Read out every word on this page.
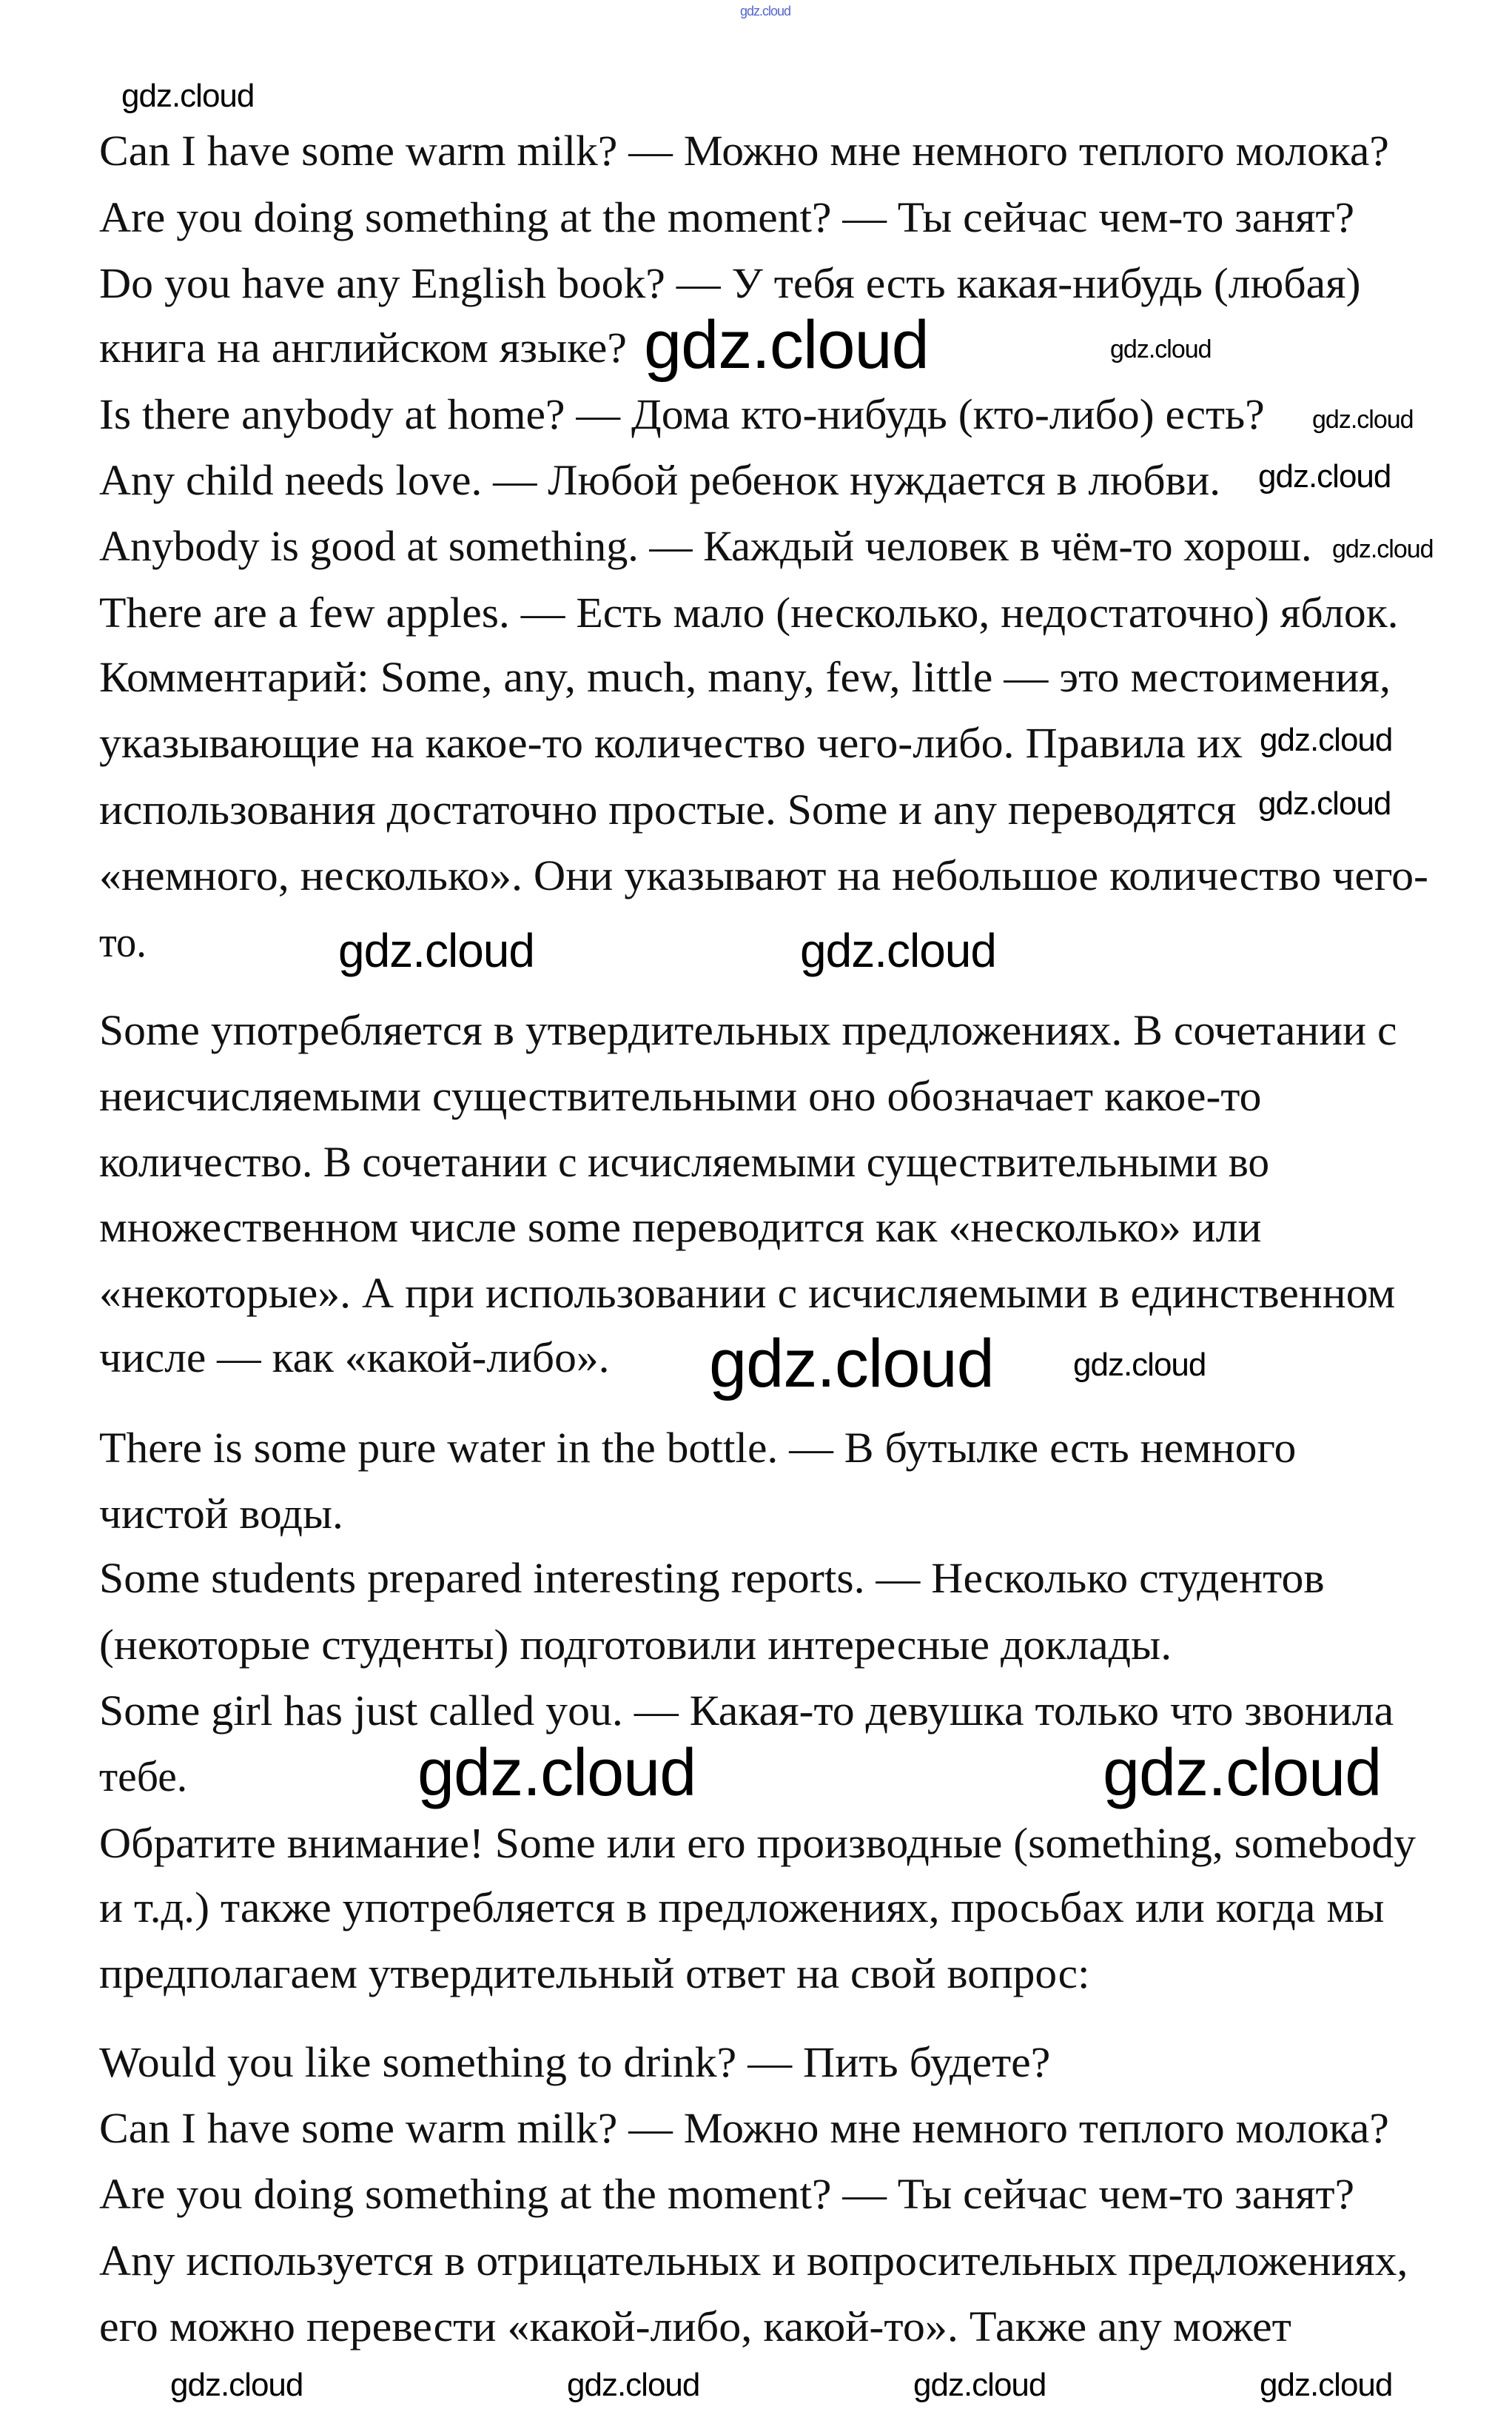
Can I have some warm milk? — Можно мне немного теплого молока?
Are you doing something at the moment? — Ты сейчас чем-то занят?
Do you have any English book? — У тебя есть какая-нибудь (любая)
книга на английском языке?
Is there anybody at home? — Дома кто-нибудь (кто-либо) есть?
Any child needs love. — Любой ребенок нуждается в любви.
Anybody is good at something. — Каждый человек в чём-то хорош.
There are a few apples. — Есть мало (несколько, недостаточно) яблок.
Комментарий: Some, any, much, many, few, little — это местоимения,
указывающие на какое-то количество чего-либо. Правила их
использования достаточно простые. Some и any переводятся
«немного, несколько». Они указывают на небольшое количество чего-
то.
Some употребляется в утвердительных предложениях. В сочетании с
неисчисляемыми существительными оно обозначает какое-то
количество. В сочетании с исчисляемыми существительными во
множественном числе some переводится как «несколько» или
«некоторые». А при использовании с исчисляемыми в единственном
числе — как «какой-либо».
There is some pure water in the bottle. — В бутылке есть немного
чистой воды.
Some students prepared interesting reports. — Несколько студентов
(некоторые студенты) подготовили интересные доклады.
Some girl has just called you. — Какая-то девушка только что звонила
тебе.
Обратите внимание! Some или его производные (something, somebody
и т.д.) также употребляется в предложениях, просьбах или когда мы
предполагаем утвердительный ответ на свой вопрос:
Would you like something to drink? — Пить будете?
Can I have some warm milk? — Можно мне немного теплого молока?
Are you doing something at the moment? — Ты сейчас чем-то занят?
Any используется в отрицательных и вопросительных предложениях,
его можно перевести «какой-либо, какой-то». Также any может
gdz.cloud
gdz.cloud
gdz.cloud	gdz.cloud
gdz.cloud
gdz.cloud
gdz.cloud
gdz.cloud
gdz.cloud
gdz.cloud	gdz.cloud
gdz.cloud gdz.cloud
gdz.cloud	gdz.cloud
gdz.cloud	gdz.cloud	gdz.cloud	gdz.cloud
